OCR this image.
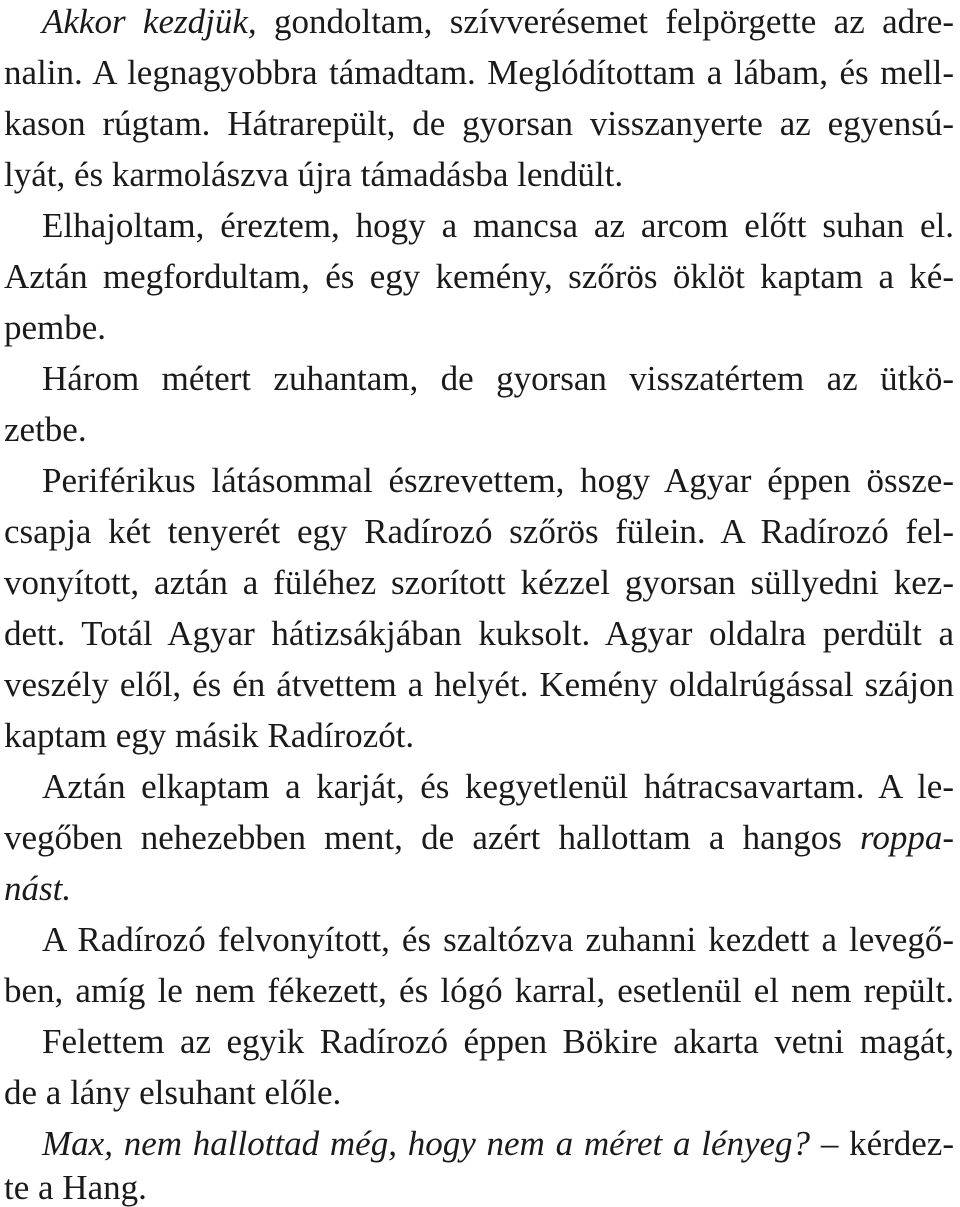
Akkor kezdjük, gondoltam, szívverésemet felpörgette az adre-
nalin. A legnagyobbra támadtam. Meglódítottam a lábam, és mell-
kason rúgtam. Hátrarepült, de gyorsan visszanyerte az egyensú-
lyát, és karmolászva újra támadásba lendült.
Elhajoltam, éreztem, hogy a mancsa az arcom előtt suhan el.
Aztán megfordultam, és egy kemény, szőrös öklöt kaptam a ké-
pembe.
Három métert zuhantam, de gyorsan visszatértem az ütkö-
zetbe.
Periférikus látásommal észrevettem, hogy Agyar éppen össze-
csapja két tenyerét egy Radírozó szőrös fülein. A Radírozó fel-
vonyított, aztán a füléhez szorított kézzel gyorsan süllyedni kez-
dett. Totál Agyar hátizsákjában kuksolt. Agyar oldalra perdült a
veszély elől, és én átvettem a helyét. Kemény oldalrúgással szájon
kaptam egy másik Radírozót.
Aztán elkaptam a karját, és kegyetlenül hátracsavartam. A le-
vegőben nehezebben ment, de azért hallottam a hangos roppa-
nást.
A Radírozó felvonyított, és szaltózva zuhanni kezdett a levegő-
ben, amíg le nem fékezett, és lógó karral, esetlenül el nem repült.
Felettem az egyik Radírozó éppen Bökire akarta vetni magát,
de a lány elsuhant előle.
Max, nem hallottad még, hogy nem a méret a lényeg? – kérdez-
te a Hang.
